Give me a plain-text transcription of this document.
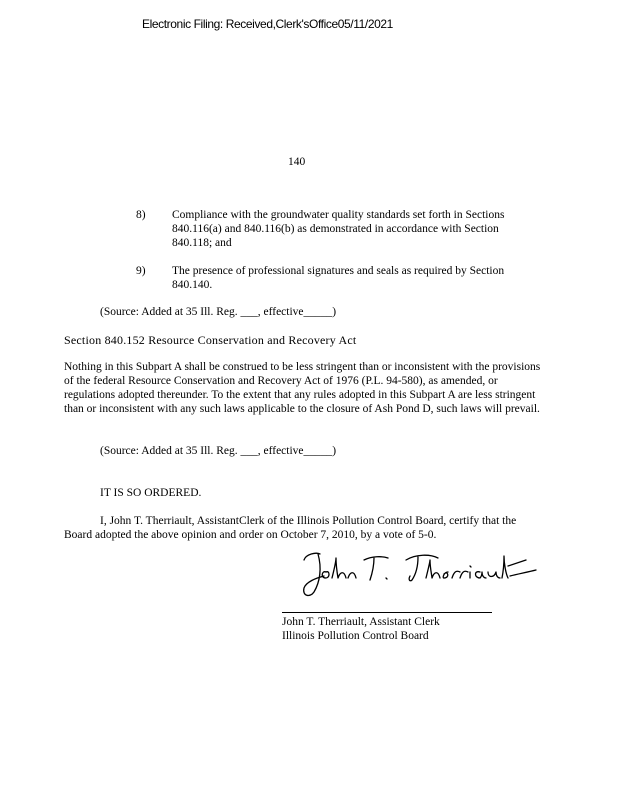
Electronic Filing: Received,Clerk'sOffice05/11/2021
140
8) Compliance with the groundwater quality standards set forth in Sections 840.116(a) and 840.116(b) as demonstrated in accordance with Section 840.118; and
9) The presence of professional signatures and seals as required by Section 840.140.
(Source: Added at 35 Ill. Reg. ___, effective_____)
Section 840.152 Resource Conservation and Recovery Act
Nothing in this Subpart A shall be construed to be less stringent than or inconsistent with the provisions of the federal Resource Conservation and Recovery Act of 1976 (P.L. 94-580), as amended, or regulations adopted thereunder. To the extent that any rules adopted in this Subpart A are less stringent than or inconsistent with any such laws applicable to the closure of Ash Pond D, such laws will prevail.
(Source: Added at 35 Ill. Reg. ___, effective_____)
IT IS SO ORDERED.
I, John T. Therriault, AssistantClerk of the Illinois Pollution Control Board, certify that the Board adopted the above opinion and order on October 7, 2010, by a vote of 5-0.
John T. Therriault, Assistant Clerk
Illinois Pollution Control Board
